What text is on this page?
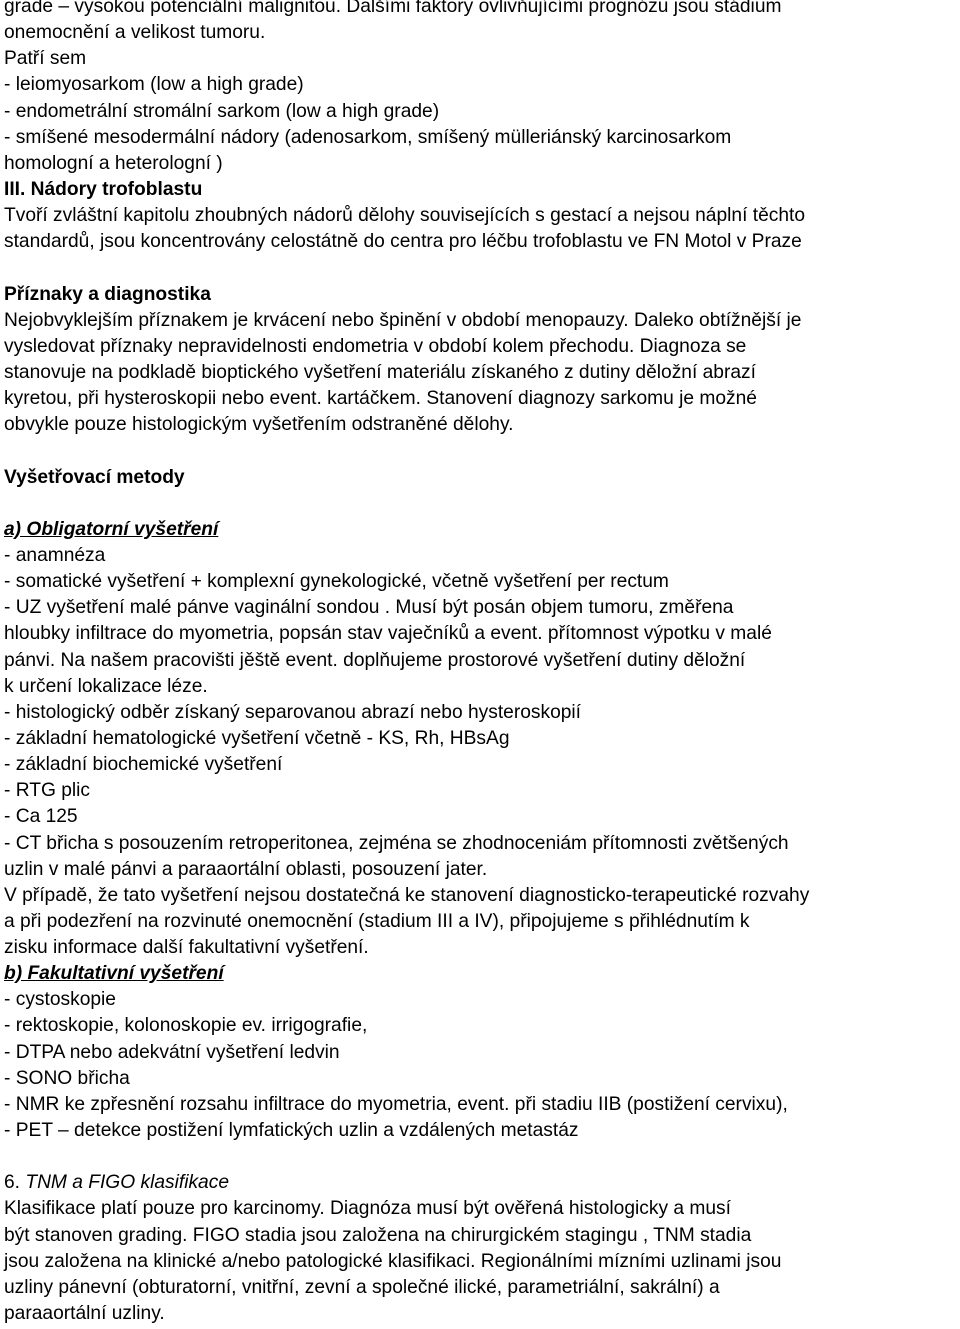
grade – vysokou potenciální malignitou. Dalšími faktory ovlivňujícími prognózu jsou stádium
onemocnění a velikost tumoru.
Patří sem
- leiomyosarkom (low a high grade)
- endometrální stromální sarkom (low a high grade)
- smíšené mesodermální nádory (adenosarkom, smíšený mülleriánský karcinosarkom
homologní a heterologní )
III. Nádory trofoblastu
Tvoří zvláštní kapitolu zhoubných nádorů dělohy souvisejících s gestací a nejsou náplní těchto
standardů, jsou koncentrovány celostátně do centra pro léčbu trofoblastu ve FN Motol v Praze
Příznaky a diagnostika
Nejobvyklejším příznakem je krvácení nebo špinění v období menopauzy. Daleko obtížnější je
vysledovat příznaky nepravidelnosti endometria v období kolem přechodu. Diagnoza se
stanovuje na podkladě bioptického vyšetření materiálu získaného z dutiny děložní abrazí
kyretou, při hysteroskopii nebo event. kartáčkem. Stanovení diagnozy sarkomu je možné
obvykle pouze histologickým vyšetřením odstraněné dělohy.
Vyšetřovací metody
a) Obligatorní vyšetření
- anamnéza
- somatické vyšetření + komplexní gynekologické, včetně vyšetření per rectum
- UZ vyšetření malé pánve vaginální sondou . Musí být posán objem tumoru, změřena
hloubky infiltrace do myometria, popsán stav vaječníků a event. přítomnost výpotku v malé
pánvi. Na našem pracovišti jěště event. doplňujeme prostorové vyšetření dutiny děložní
k určení lokalizace léze.
- histologický odběr získaný separovanou abrazí nebo hysteroskopií
- základní hematologické vyšetření včetně - KS, Rh, HBsAg
- základní biochemické vyšetření
- RTG plic
- Ca 125
- CT břicha s posouzením retroperitonea, zejména se zhodnoceniám přítomnosti zvětšených
uzlin v malé pánvi a paraaortální oblasti, posouzení jater.
V případě, že tato vyšetření nejsou dostatečná ke stanovení diagnosticko-terapeutické rozvahy
a při podezření na rozvinuté onemocnění (stadium III a IV), připojujeme s přihlédnutím k
zisku informace další fakultativní vyšetření.
b) Fakultativní vyšetření
- cystoskopie
- rektoskopie, kolonoskopie ev. irrigografie,
- DTPA nebo adekvátní vyšetření ledvin
- SONO břicha
- NMR ke zpřesnění rozsahu infiltrace do myometria, event. při stadiu IIB (postižení cervixu),
- PET – detekce postižení lymfatických uzlin a vzdálených metastáz
6. TNM a FIGO klasifikace
Klasifikace platí pouze pro karcinomy. Diagnóza musí být ověřená histologicky a musí
být stanoven grading. FIGO stadia jsou založena na chirurgickém stagingu , TNM stadia
jsou založena na klinické a/nebo patologické klasifikaci. Regionálními mízními uzlinami jsou
uzliny pánevní (obturatorní, vnitřní, zevní a společné ilické, parametriální, sakrální) a
paraaortální uzliny.
